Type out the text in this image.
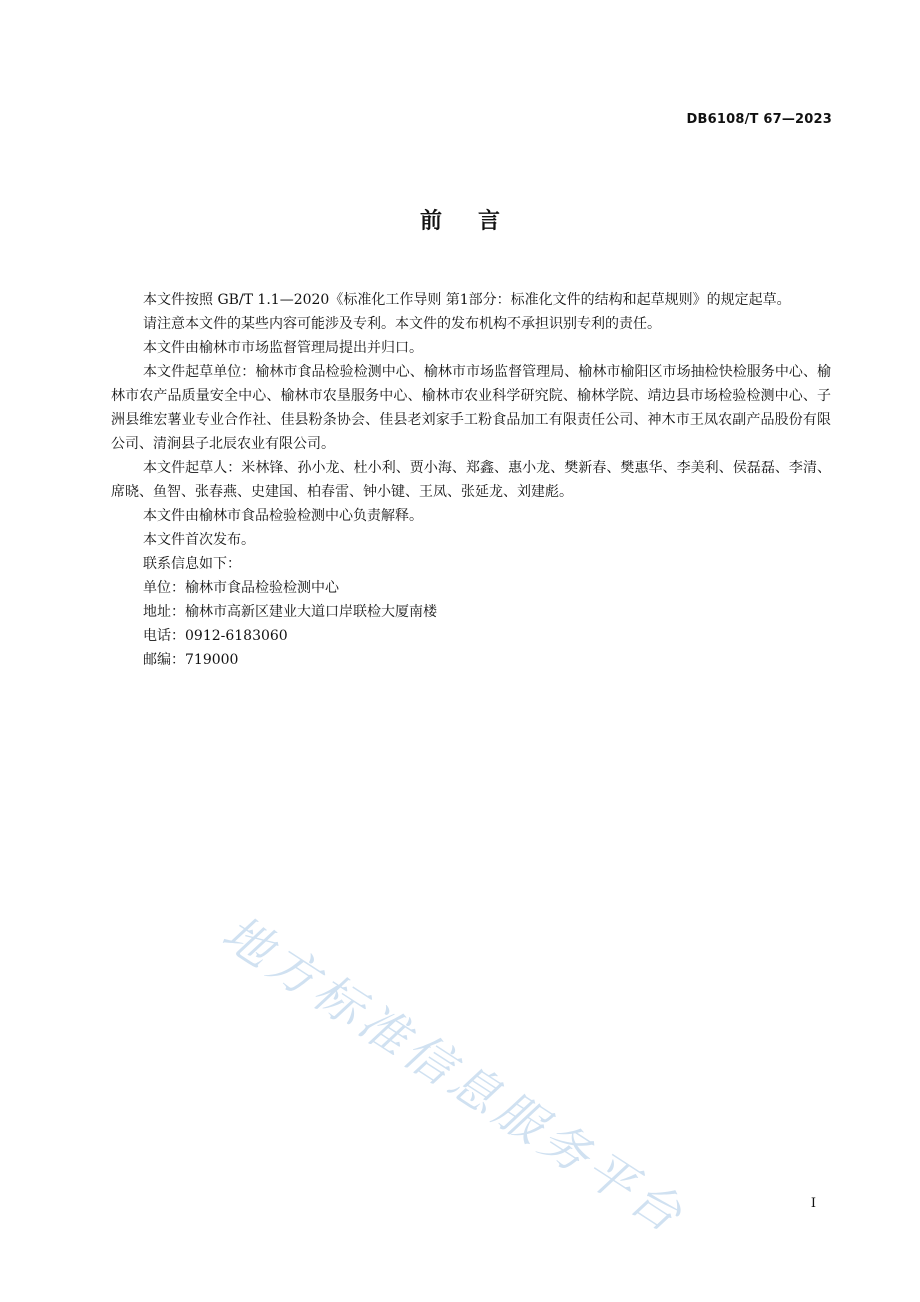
DB6108/T 67—2023
前言

本文件按照 GB/T 1.1—2020《标准化工作导则 第1部分：标准化文件的结构和起草规则》的规定起草。

请注意本文件的某些内容可能涉及专利。本文件的发布机构不承担识别专利的责任。

本文件由榆林市市场监督管理局提出并归口。

本文件起草单位：榆林市食品检验检测中心、榆林市市场监督管理局、榆林市榆阳区市场抽检快检服务中心、榆林市农产品质量安全中心、榆林市农垦服务中心、榆林市农业科学研究院、榆林学院、靖边县市场检验检测中心、子洲县维宏薯业专业合作社、佳县粉条协会、佳县老刘家手工粉食品加工有限责任公司、神木市王凤农副产品股份有限公司、清涧县子北辰农业有限公司。

本文件起草人：米林锋、孙小龙、杜小利、贾小海、郑鑫、惠小龙、樊新春、樊惠华、李美利、侯磊磊、李清、席晓、鱼智、张春燕、史建国、柏春雷、钟小键、王凤、张延龙、刘建彪。

本文件由榆林市食品检验检测中心负责解释。

本文件首次发布。

联系信息如下：

单位：榆林市食品检验检测中心

地址：榆林市高新区建业大道口岸联检大厦南楼

电话：0912-6183060

邮编：719000

地方标准信息服务平台	I
